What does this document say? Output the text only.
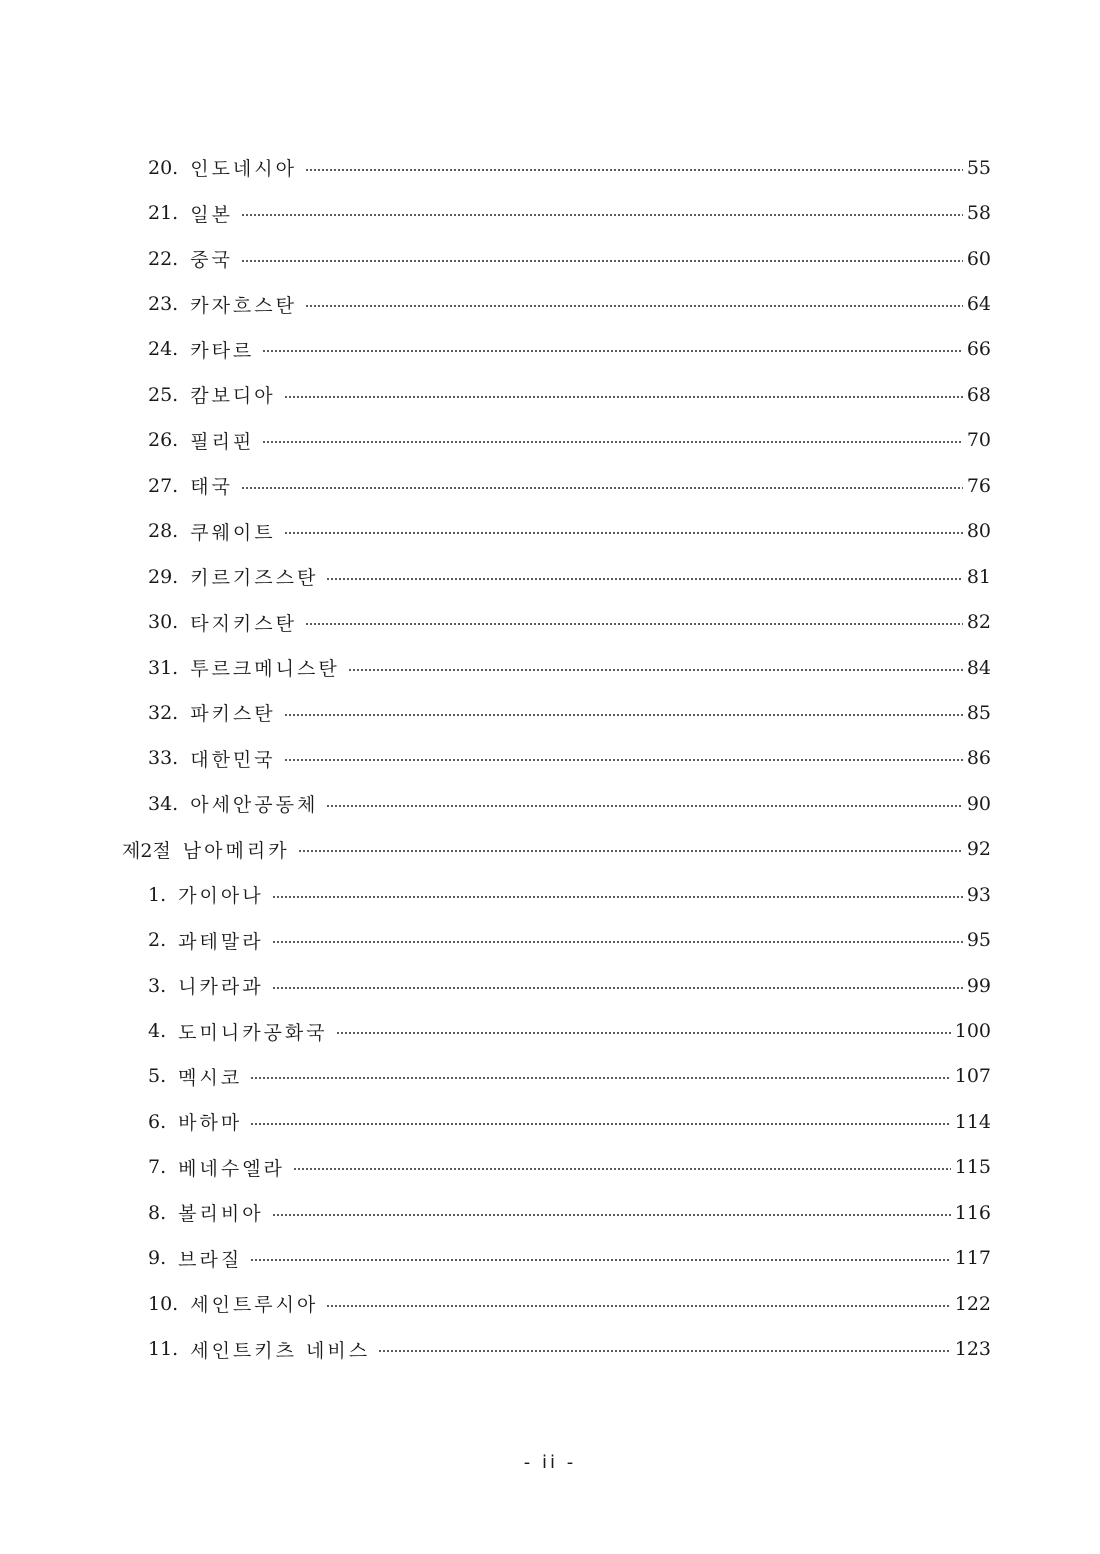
20. 인도네시아	55
21. 일본	58
22. 중국	60
23. 카자흐스탄	64
24. 카타르	66
25. 캄보디아	68
26. 필리핀	70
27. 태국	76
28. 쿠웨이트	80
29. 키르기즈스탄	81
30. 타지키스탄	82
31. 투르크메니스탄	84
32. 파키스탄	85
33. 대한민국	86
34. 아세안공동체	90
제2절 남아메리카	92
1. 가이아나	93
2. 과테말라	95
3. 니카라과	99
4. 도미니카공화국	100
5. 멕시코	107
6. 바하마	114
7. 베네수엘라	115
8. 볼리비아	116
9. 브라질	117
10. 세인트루시아	122
11. 세인트키츠 네비스	123
- ii -
